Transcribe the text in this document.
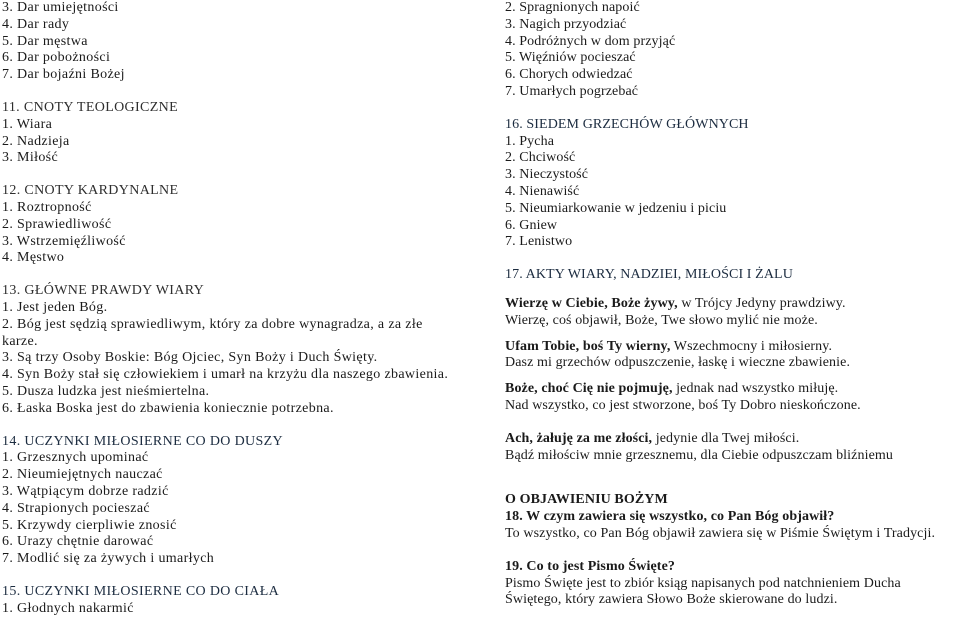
3. Dar umiejętności
4. Dar rady
5. Dar męstwa
6. Dar pobożności
7. Dar bojaźni Bożej
11. CNOTY TEOLOGICZNE
1. Wiara
2. Nadzieja
3. Miłość
12. CNOTY KARDYNALNE
1. Roztropność
2. Sprawiedliwość
3. Wstrzemięźliwość
4. Męstwo
13. GŁÓWNE PRAWDY WIARY
1. Jest jeden Bóg.
2. Bóg jest sędzią sprawiedliwym, który za dobre wynagradza, a za złe
karze.
3. Są trzy Osoby Boskie: Bóg Ojciec, Syn Boży i Duch Święty.
4. Syn Boży stał się człowiekiem i umarł na krzyżu dla naszego zbawienia.
5. Dusza ludzka jest nieśmiertelna.
6. Łaska Boska jest do zbawienia koniecznie potrzebna.
14. UCZYNKI MIŁOSIERNE CO DO DUSZY
1. Grzesznych upominać
2. Nieumiejętnych nauczać
3. Wątpiącym dobrze radzić
4. Strapionych pocieszać
5. Krzywdy cierpliwie znosić
6. Urazy chętnie darować
7. Modlić się za żywych i umarłych
15. UCZYNKI MIŁOSIERNE CO DO CIAŁA
1. Głodnych nakarmić
2. Spragnionych napoić
3. Nagich przyodziać
4. Podróżnych w dom przyjąć
5. Więźniów pocieszać
6. Chorych odwiedzać
7. Umarłych pogrzebać
16. SIEDEM GRZECHÓW GŁÓWNYCH
1. Pycha
2. Chciwość
3. Nieczystość
4. Nienawiść
5. Nieumiarkowanie w jedzeniu i piciu
6. Gniew
7. Lenistwo
17. AKTY WIARY, NADZIEI, MIŁOŚCI I ŻALU
Wierzę w Ciebie, Boże żywy, w Trójcy Jedyny prawdziwy.
Wierzę, coś objawił, Boże, Twe słowo mylić nie może.
Ufam Tobie, boś Ty wierny, Wszechmocny i miłosierny.
Dasz mi grzechów odpuszczenie, łaskę i wieczne zbawienie.
Boże, choć Cię nie pojmuję, jednak nad wszystko miłuję.
Nad wszystko, co jest stworzone, boś Ty Dobro nieskończone.
Ach, żałuję za me złości, jedynie dla Twej miłości.
Bądź miłościw mnie grzesznemu, dla Ciebie odpuszczam bliźniemu
O OBJAWIENIU BOŻYM
18. W czym zawiera się wszystko, co Pan Bóg objawił?
To wszystko, co Pan Bóg objawił zawiera się w Piśmie Świętym i Tradycji.
19. Co to jest Pismo Święte?
Pismo Święte jest to zbiór ksiąg napisanych pod natchnieniem Ducha
Świętego, który zawiera Słowo Boże skierowane do ludzi.
